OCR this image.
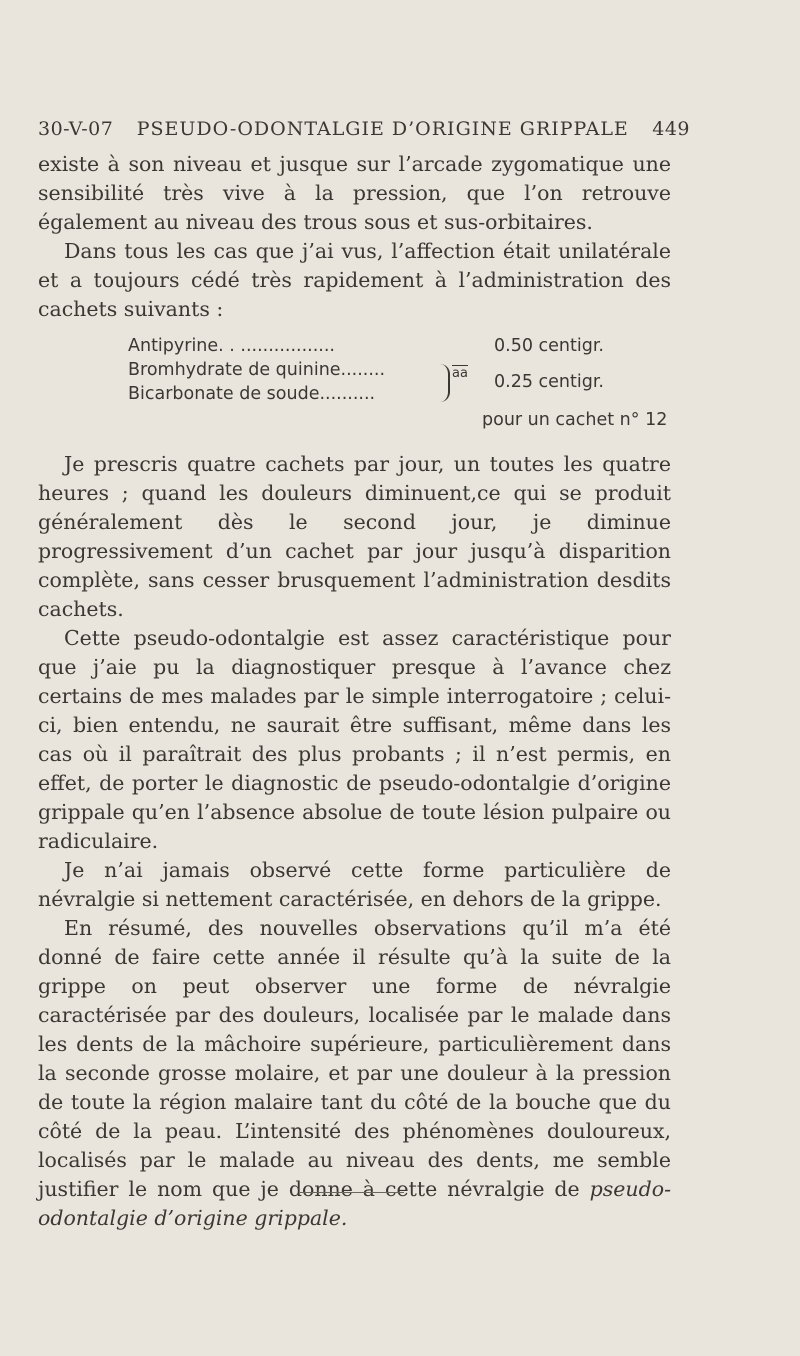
30-V-07 PSEUDO-ODONTALGIE D’ORIGINE GRIPPALE 449

existe à son niveau et jusque sur l’arcade zygomatique une sensibilité très vive à la pression, que l’on retrouve également au niveau des trous sous et sus-orbitaires.

Dans tous les cas que j’ai vus, l’affection était unilatérale et a toujours cédé très rapidement à l’administration des cachets suivants :

Antipyrine. . .................	0.50 centigr.
Bromhydrate de quinine........
Bicarbonate de soude..........
$\overline{aa}$ 0.25 centigr.
pour un cachet n° 12

Je prescris quatre cachets par jour, un toutes les quatre heures ; quand les douleurs diminuent,ce qui se produit généralement dès le second jour, je diminue progressivement d’un cachet par jour jusqu’à disparition complète, sans cesser brusquement l’administration desdits cachets.

Cette pseudo-odontalgie est assez caractéristique pour que j’aie pu la diagnostiquer presque à l’avance chez certains de mes malades par le simple interrogatoire ; celui-ci, bien entendu, ne saurait être suffisant, même dans les cas où il paraîtrait des plus probants ; il n’est permis, en effet, de porter le diagnostic de pseudo-odontalgie d’origine grippale qu’en l’absence absolue de toute lésion pulpaire ou radiculaire.

Je n’ai jamais observé cette forme particulière de névralgie si nettement caractérisée, en dehors de la grippe.

En résumé, des nouvelles observations qu’il m’a été donné de faire cette année il résulte qu’à la suite de la grippe on peut observer une forme de névralgie caractérisée par des douleurs, localisée par le malade dans les dents de la mâchoire supérieure, particulièrement dans la seconde grosse molaire, et par une douleur à la pression de toute la région malaire tant du côté de la bouche que du côté de la peau. L’intensité des phénomènes douloureux, localisés par le malade au niveau des dents, me semble justifier le nom que je donne à cette névralgie de pseudo-odontalgie d’origine grippale.
